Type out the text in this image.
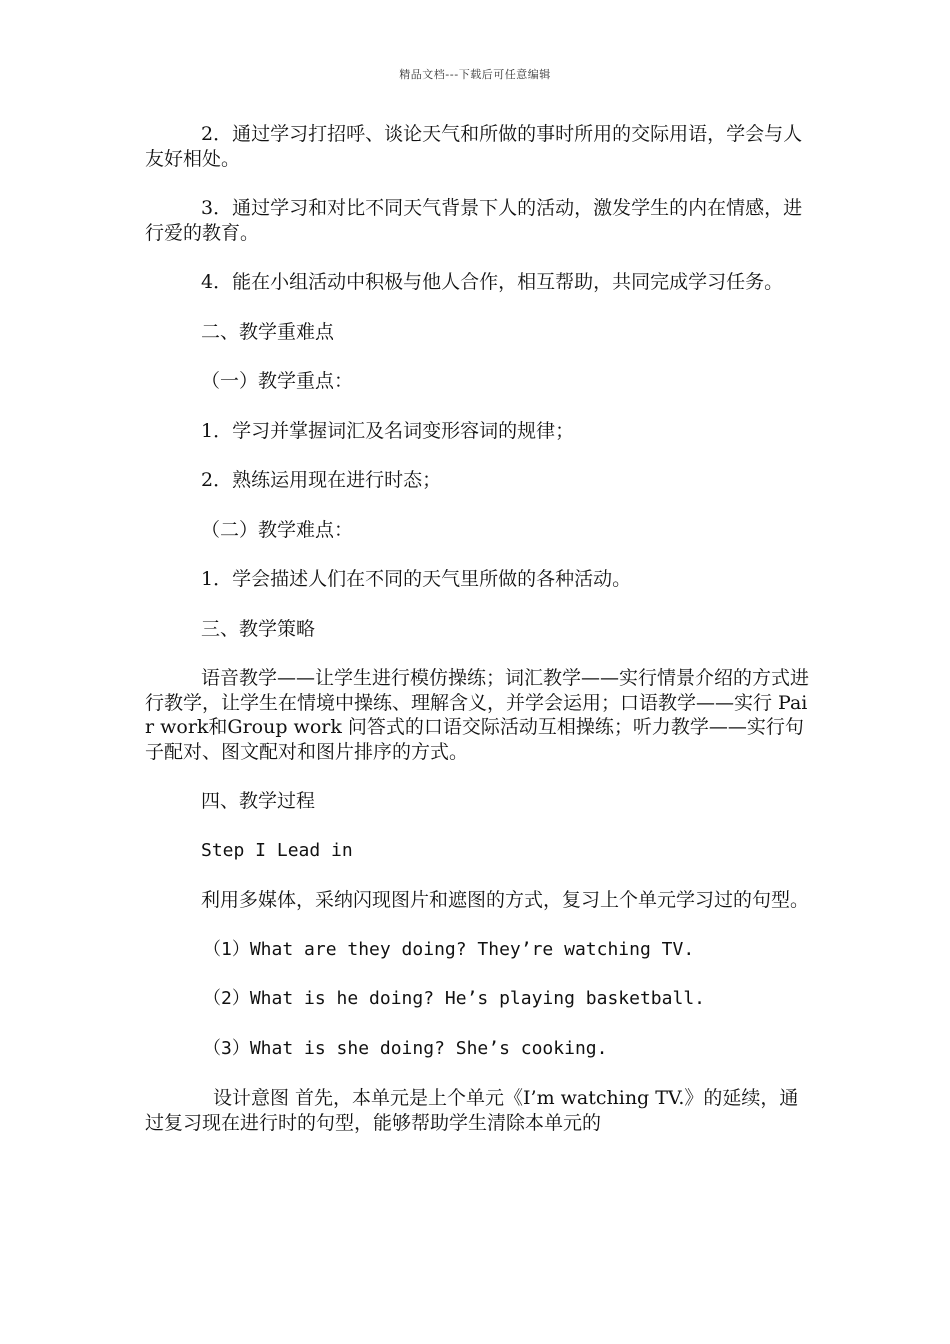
精品文档---下载后可任意编辑

2．通过学习打招呼、谈论天气和所做的事时所用的交际用语，学会与人友好相处。

3．通过学习和对比不同天气背景下人的活动，激发学生的内在情感，进行爱的教育。

4．能在小组活动中积极与他人合作，相互帮助，共同完成学习任务。

二、教学重难点

（一）教学重点：

1．学习并掌握词汇及名词变形容词的规律；

2．熟练运用现在进行时态；

（二）教学难点：

1．学会描述人们在不同的天气里所做的各种活动。

三、教学策略

语音教学——让学生进行模仿操练；词汇教学——实行情景介绍的方式进行教学，让学生在情境中操练、理解含义，并学会运用；口语教学——实行 Pair work和Group work 问答式的口语交际活动互相操练；听力教学——实行句子配对、图文配对和图片排序的方式。

四、教学过程

Step I Lead in

利用多媒体，采纳闪现图片和遮图的方式，复习上个单元学习过的句型。

（1）What are they doing? They’re watching TV.

（2）What is he doing? He’s playing basketball.

（3）What is she doing? She’s cooking.

设计意图 首先，本单元是上个单元《I’m watching TV.》的延续，通过复习现在进行时的句型，能够帮助学生清除本单元的
